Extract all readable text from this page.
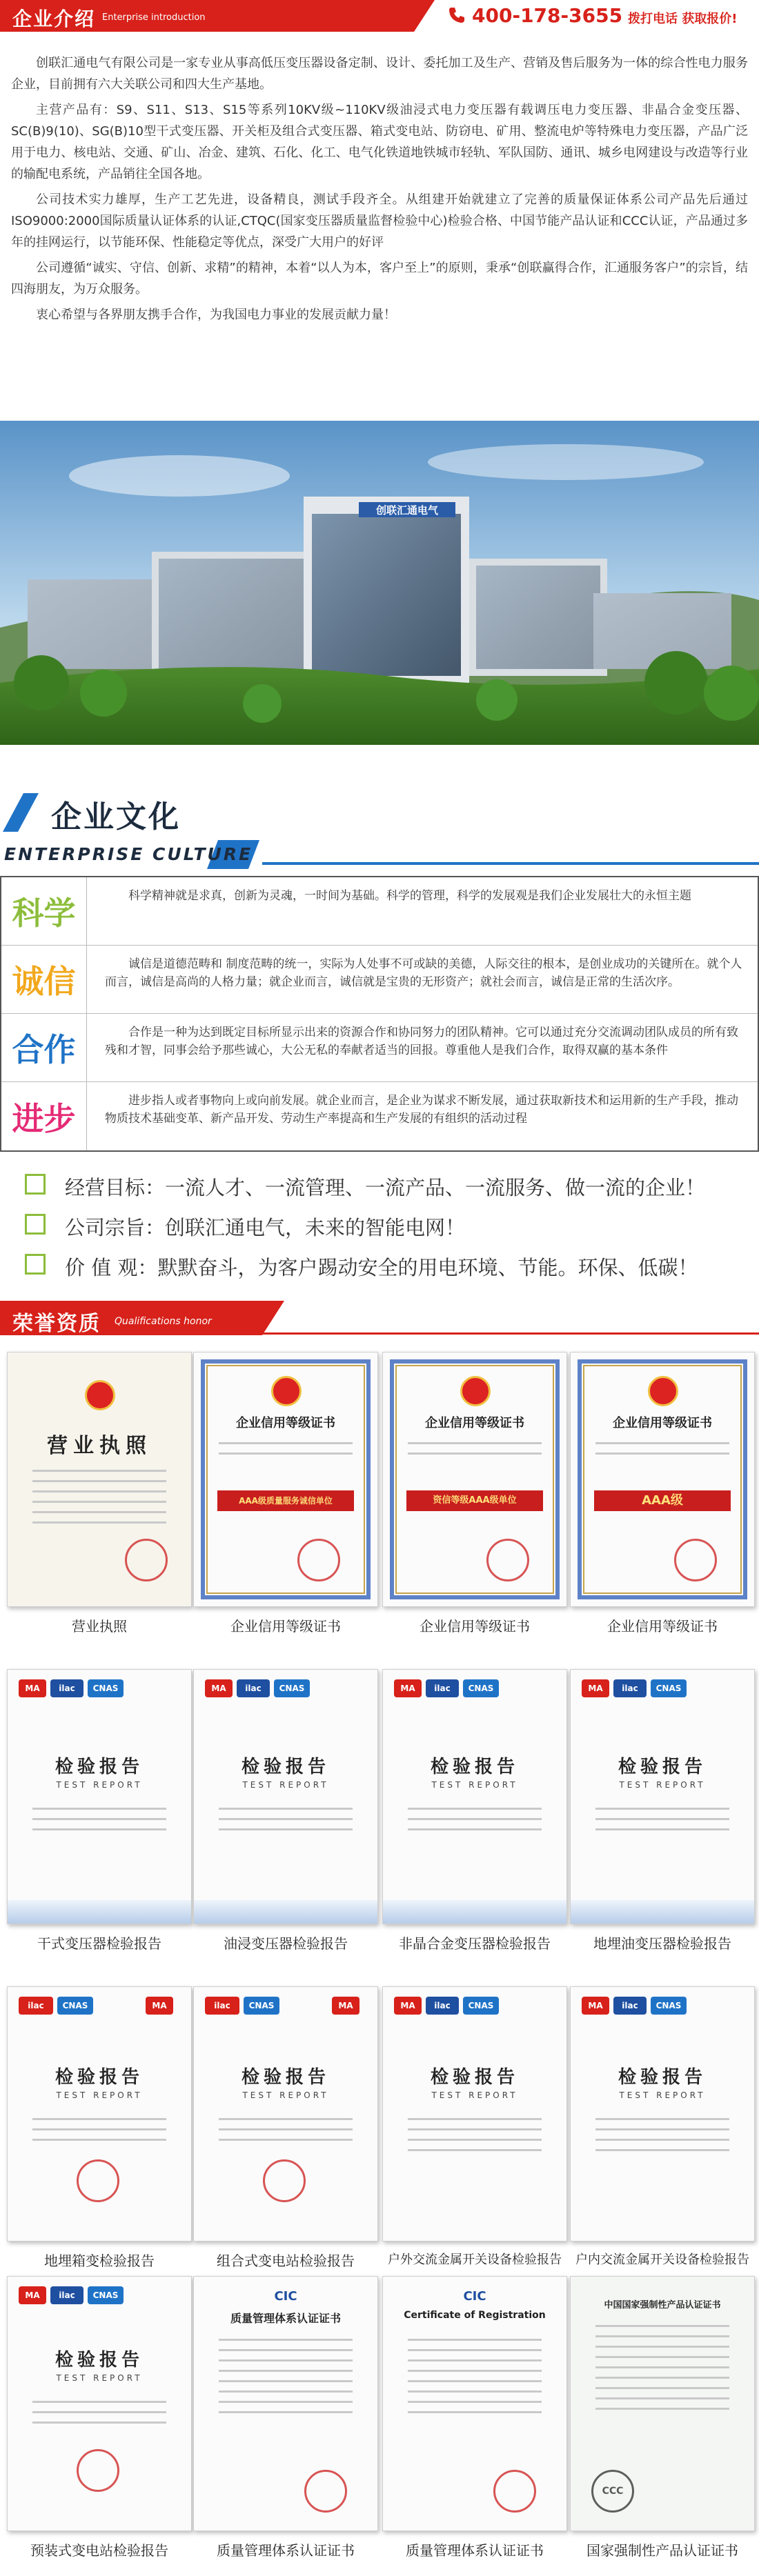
企业介绍 Enterprise introduction	400-178-3655 拨打电话 获取报价!

创联汇通电气有限公司是一家专业从事高低压变压器设备定制、设计、委托加工及生产、营销及售后服务为一体的综合性电力服务企业，目前拥有六大关联公司和四大生产基地。

主营产品有：S9、S11、S13、S15等系列10KV级~110KV级油浸式电力变压器有载调压电力变压器、非晶合金变压器、SC(B)9(10)、SG(B)10型干式变压器、开关柜及组合式变压器、箱式变电站、防窃电、矿用、整流电炉等特殊电力变压器，产品广泛用于电力、核电站、交通、矿山、冶金、建筑、石化、化工、电气化铁道地铁城市轻轨、军队国防、通讯、城乡电网建设与改造等行业的输配电系统，产品销往全国各地。

公司技术实力雄厚，生产工艺先进，设备精良，测试手段齐全。从组建开始就建立了完善的质量保证体系公司产品先后通过ISO9000:2000国际质量认证体系的认证,CTQC(国家变压器质量监督检验中心)检验合格、中国节能产品认证和CCC认证，产品通过多年的挂网运行，以节能环保、性能稳定等优点，深受广大用户的好评

公司遵循“诚实、守信、创新、求精”的精神，本着“以人为本，客户至上”的原则，秉承“创联赢得合作，汇通服务客户”的宗旨，结四海朋友，为万众服务。

衷心希望与各界朋友携手合作，为我国电力事业的发展贡献力量！

创联汇通电气
企业文化
ENTERPRISE CULTURE
科学	科学精神就是求真，创新为灵魂，一时间为基础。科学的管理，科学的发展观是我们企业发展壮大的永恒主题
诚信	诚信是道德范畴和 制度范畴的统一，实际为人处事不可或缺的美德，人际交往的根本，是创业成功的关键所在。就个人而言，诚信是高尚的人格力量；就企业而言，诚信就是宝贵的无形资产；就社会而言，诚信是正常的生活次序。
合作	合作是一种为达到既定目标所显示出来的资源合作和协同努力的团队精神。它可以通过充分交流调动团队成员的所有致残和才智，同事会给予那些诚心，大公无私的奉献者适当的回报。尊重他人是我们合作，取得双赢的基本条件
进步	进步指人或者事物向上或向前发展。就企业而言，是企业为谋求不断发展，通过获取新技术和运用新的生产手段，推动物质技术基础变革、新产品开发、劳动生产率提高和生产发展的有组织的活动过程
经营目标：一流人才、一流管理、一流产品、一流服务、做一流的企业！
公司宗旨：创联汇通电气，未来的智能电网！
价 值 观：默默奋斗，为客户踢动安全的用电环境、节能。环保、低碳！
荣誉资质 Qualifications honor
营业执照
营业执照
企业信用等级证书
AAA级质量服务诚信单位
企业信用等级证书
企业信用等级证书
资信等级AAA级单位
企业信用等级证书
企业信用等级证书
AAA级
企业信用等级证书
MA	ilac	CNAS
检验报告
TEST REPORT
干式变压器检验报告
MA	ilac	CNAS
检验报告
TEST REPORT
油浸变压器检验报告
MA	ilac	CNAS
检验报告
TEST REPORT
非晶合金变压器检验报告
MA	ilac	CNAS
检验报告
TEST REPORT
地埋油变压器检验报告
ilac	CNAS	MA
检验报告
TEST REPORT
地埋箱变检验报告
ilac	CNAS	MA
检验报告
TEST REPORT
组合式变电站检验报告
MA	ilac	CNAS
检验报告
TEST REPORT
户外交流金属开关设备检验报告
MA	ilac	CNAS
检验报告
TEST REPORT
户内交流金属开关设备检验报告
MA	ilac	CNAS
检验报告
TEST REPORT
预装式变电站检验报告
CIC
质量管理体系认证证书
质量管理体系认证证书
CIC
Certificate of Registration
质量管理体系认证证书
中国国家强制性产品认证证书
CCC
国家强制性产品认证证书
